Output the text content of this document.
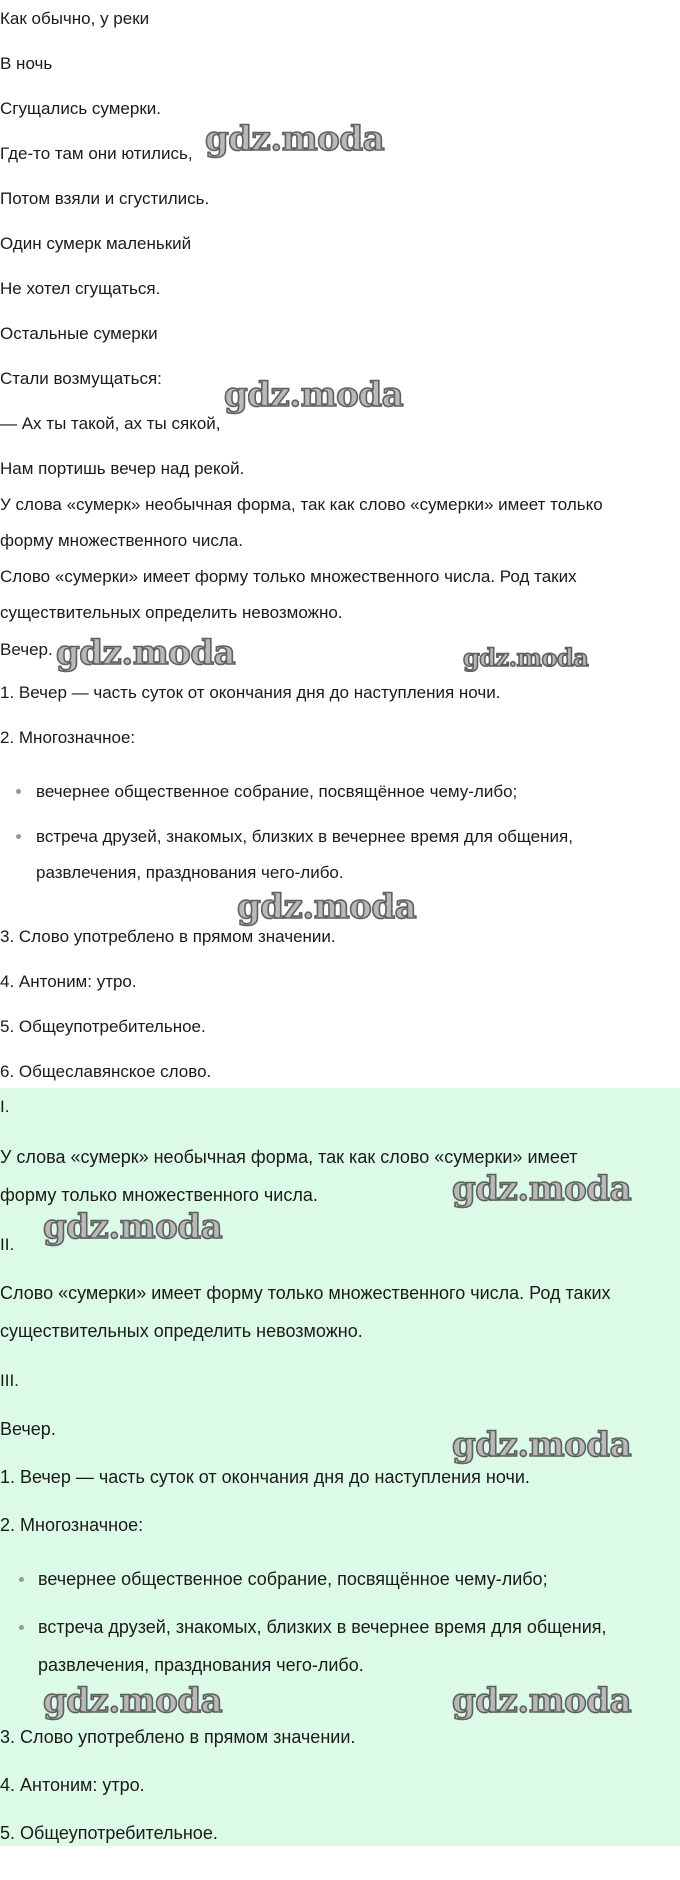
Как обычно, у реки
В ночь
Сгущались сумерки.
Где-то там они ютились,
Потом взяли и сгустились.
Один сумерк маленький
Не хотел сгущаться.
Остальные сумерки
Стали возмущаться:
— Ах ты такой, ах ты сякой,
Нам портишь вечер над рекой.
У слова «сумерк» необычная форма, так как слово «сумерки» имеет только
форму множественного числа.
Слово «сумерки» имеет форму только множественного числа. Род таких
существительных определить невозможно.
Вечер.
1. Вечер — часть суток от окончания дня до наступления ночи.
2. Многозначное:
вечернее общественное собрание, посвящённое чему-либо;
встреча друзей, знакомых, близких в вечернее время для общения,
развлечения, празднования чего-либо.
3. Слово употреблено в прямом значении.
4. Антоним: утро.
5. Общеупотребительное.
6. Общеславянское слово.
I.
У слова «сумерк» необычная форма, так как слово «сумерки» имеет
форму только множественного числа.
II.
Слово «сумерки» имеет форму только множественного числа. Род таких
существительных определить невозможно.
III.
Вечер.
1. Вечер — часть суток от окончания дня до наступления ночи.
2. Многозначное:
вечернее общественное собрание, посвящённое чему-либо;
встреча друзей, знакомых, близких в вечернее время для общения,
развлечения, празднования чего-либо.
3. Слово употреблено в прямом значении.
4. Антоним: утро.
5. Общеупотребительное.
gdz.moda
gdz.moda
gdz.moda	gdz.moda
gdz.moda
gdz.moda
gdz.moda
gdz.moda
gdz.moda	gdz.moda
